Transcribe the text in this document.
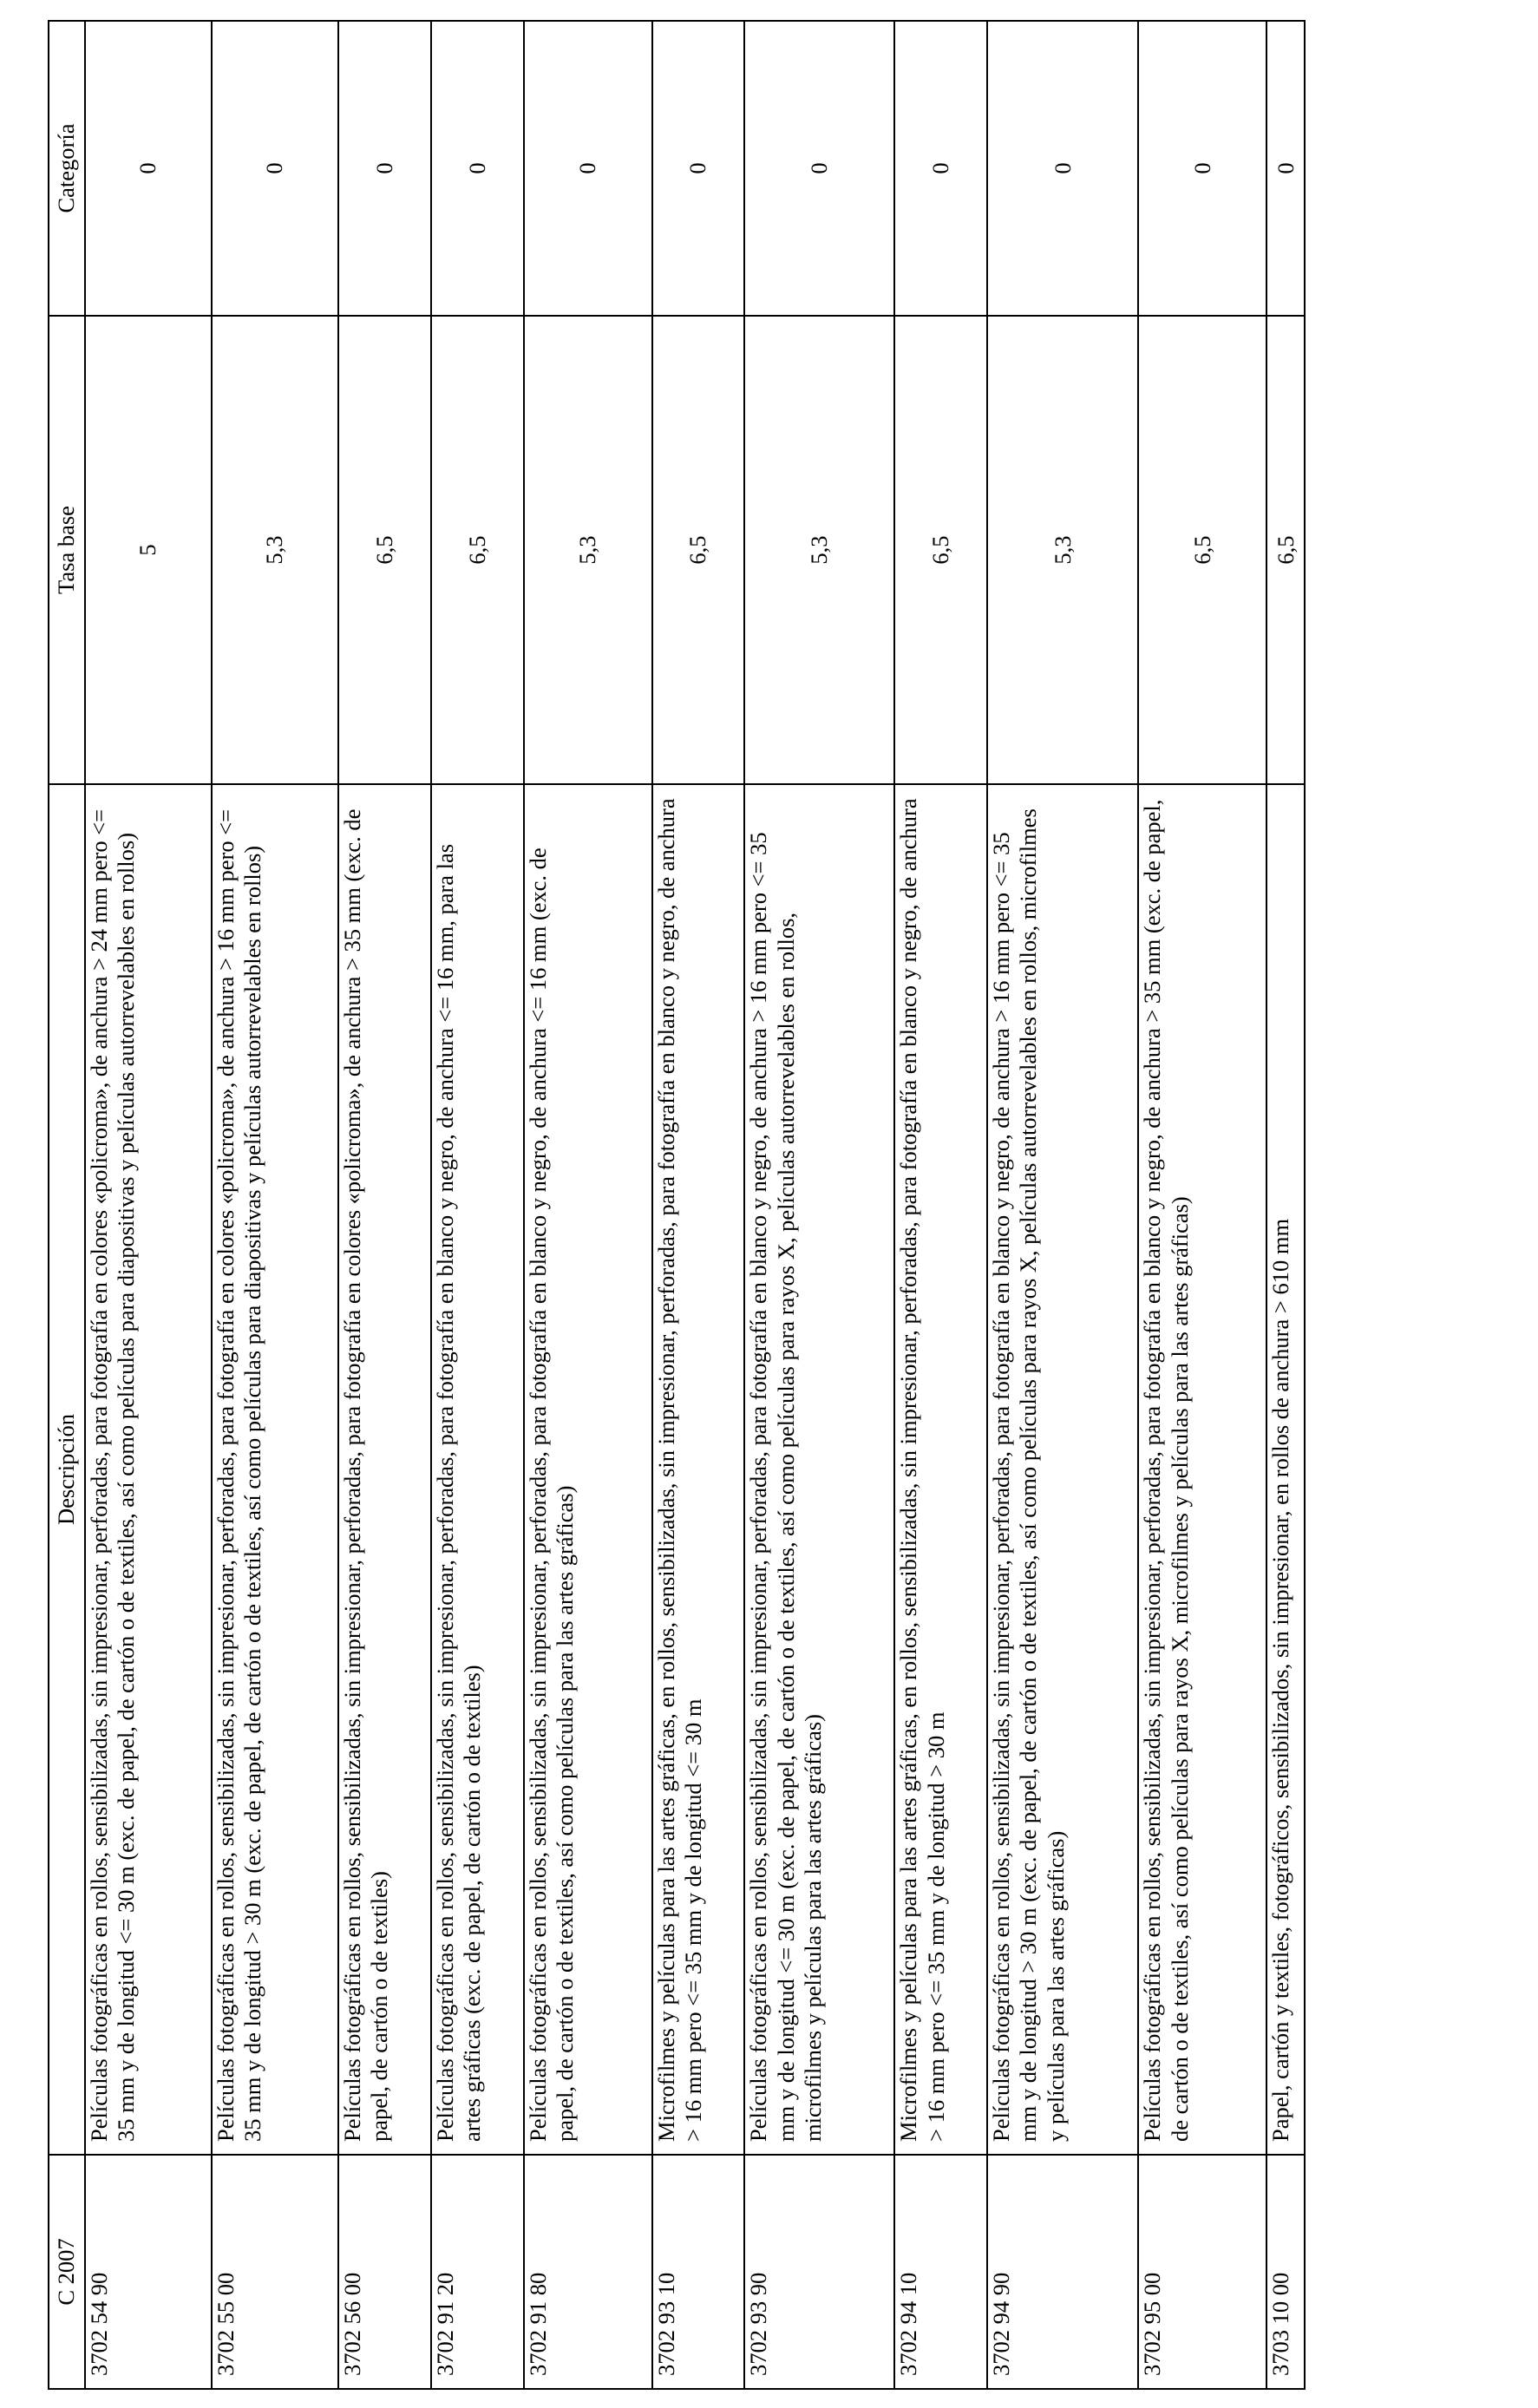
C 2007	Descripción	Tasa base	Categoría
3702 54 90	Películas fotográficas en rollos, sensibilizadas, sin impresionar, perforadas, para fotografía en colores «policroma», de anchura > 24 mm pero <= 35 mm y de longitud <= 30 m (exc. de papel, de cartón o de textiles, así como películas para diapositivas y películas autorrevelables en rollos)	5	0
3702 55 00	Películas fotográficas en rollos, sensibilizadas, sin impresionar, perforadas, para fotografía en colores «policroma», de anchura > 16 mm pero <= 35 mm y de longitud > 30 m (exc. de papel, de cartón o de textiles, así como películas para diapositivas y películas autorrevelables en rollos)	5,3	0
3702 56 00	Películas fotográficas en rollos, sensibilizadas, sin impresionar, perforadas, para fotografía en colores «policroma», de anchura > 35 mm (exc. de papel, de cartón o de textiles)	6,5	0
3702 91 20	Películas fotográficas en rollos, sensibilizadas, sin impresionar, perforadas, para fotografía en blanco y negro, de anchura <= 16 mm, para las artes gráficas (exc. de papel, de cartón o de textiles)	6,5	0
3702 91 80	Películas fotográficas en rollos, sensibilizadas, sin impresionar, perforadas, para fotografía en blanco y negro, de anchura <= 16 mm (exc. de papel, de cartón o de textiles, así como películas para las artes gráficas)	5,3	0
3702 93 10	Microfilmes y películas para las artes gráficas, en rollos, sensibilizadas, sin impresionar, perforadas, para fotografía en blanco y negro, de anchura > 16 mm pero <= 35 mm y de longitud <= 30 m	6,5	0
3702 93 90	Películas fotográficas en rollos, sensibilizadas, sin impresionar, perforadas, para fotografía en blanco y negro, de anchura > 16 mm pero <= 35 mm y de longitud <= 30 m (exc. de papel, de cartón o de textiles, así como películas para rayos X, películas autorrevelables en rollos, microfilmes y películas para las artes gráficas)	5,3	0
3702 94 10	Microfilmes y películas para las artes gráficas, en rollos, sensibilizadas, sin impresionar, perforadas, para fotografía en blanco y negro, de anchura > 16 mm pero <= 35 mm y de longitud > 30 m	6,5	0
3702 94 90	Películas fotográficas en rollos, sensibilizadas, sin impresionar, perforadas, para fotografía en blanco y negro, de anchura > 16 mm pero <= 35 mm y de longitud > 30 m (exc. de papel, de cartón o de textiles, así como películas para rayos X, películas autorrevelables en rollos, microfilmes y películas para las artes gráficas)	5,3	0
3702 95 00	Películas fotográficas en rollos, sensibilizadas, sin impresionar, perforadas, para fotografía en blanco y negro, de anchura > 35 mm (exc. de papel, de cartón o de textiles, así como películas para rayos X, microfilmes y películas para las artes gráficas)	6,5	0
3703 10 00	Papel, cartón y textiles, fotográficos, sensibilizados, sin impresionar, en rollos de anchura > 610 mm	6,5	0
